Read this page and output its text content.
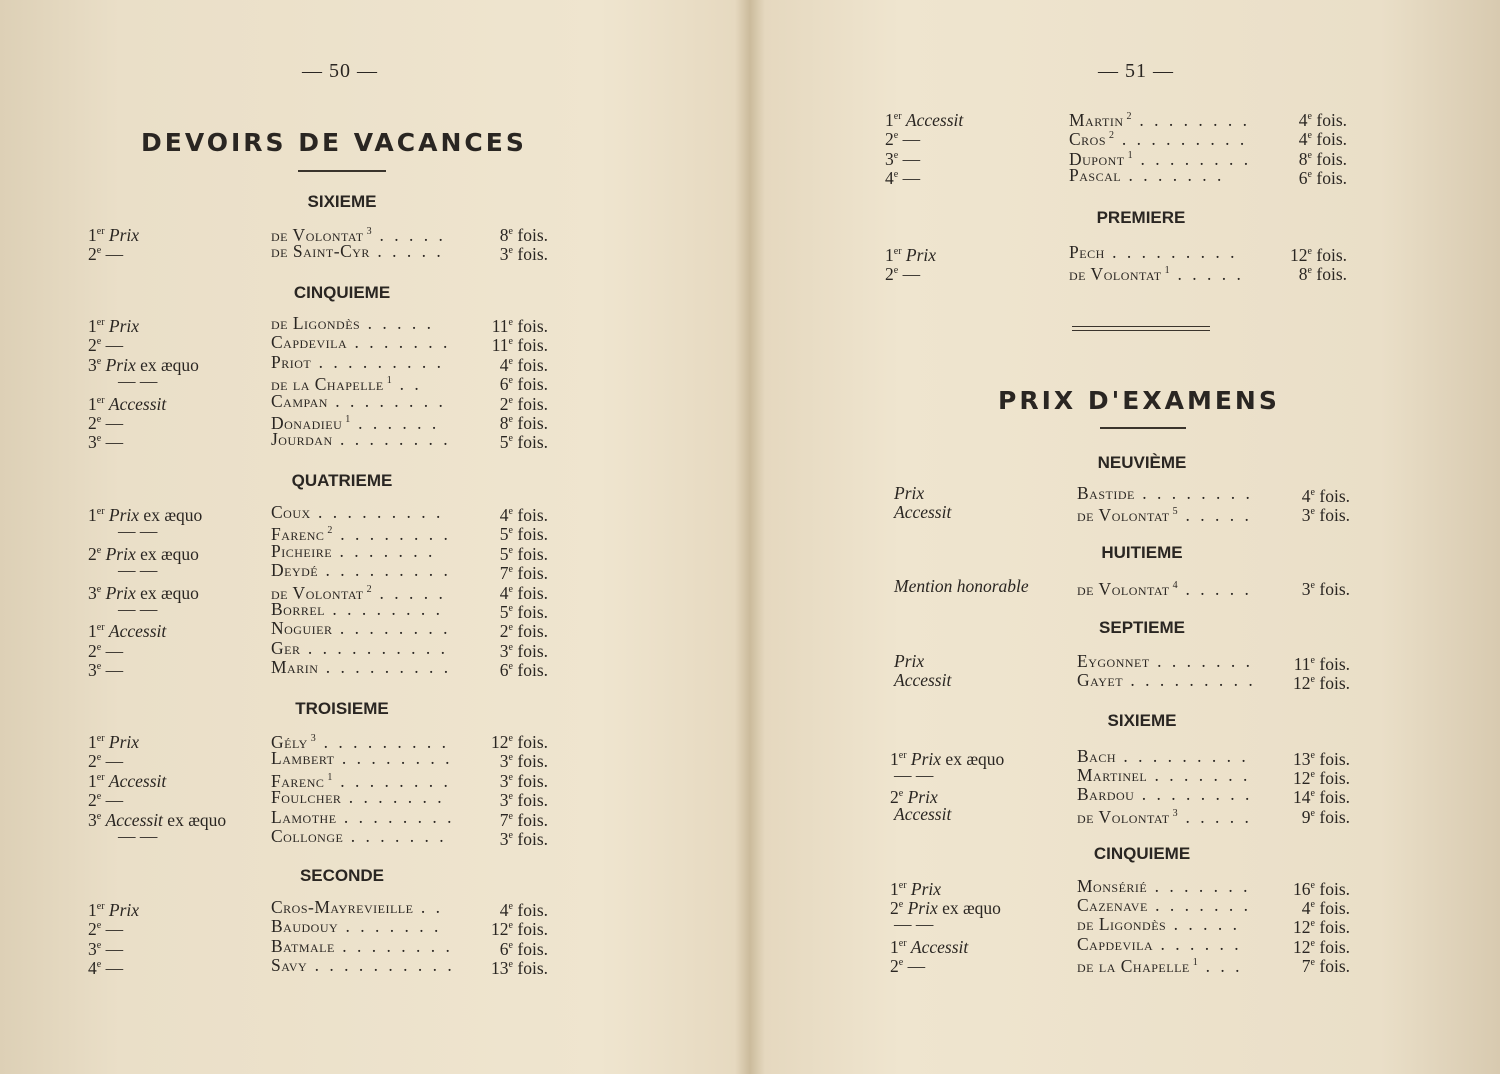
— 50 —
DEVOIRS DE VACANCES
SIXIEME
1er Prix	de Volontat $^3$ . . . . .	8e fois.
2e —	de Saint-Cyr . . . . .	3e fois.
CINQUIEME
1er Prix	de Ligondès . . . . .	11e fois.
2e —	Capdevila . . . . . . . 11e fois.
3e Prix ex æquo	Priot . . . . . . . . .	4e fois.
— —	de la Chapelle $^1$ . .	6e fois.
1er Accessit	Campan . . . . . . . .	2e fois.
2e —	Donadieu $^1$ . . . . . .	8e fois.
3e —	Jourdan . . . . . . . .	5e fois.
QUATRIEME
1er Prix ex æquo	Coux . . . . . . . . .	4e fois.
— —	Farenc $^2$ . . . . . . . .	5e fois.
2e Prix ex æquo	Picheire . . . . . . .	5e fois.
— —	Deydé . . . . . . . . .	7e fois.
3e Prix ex æquo	de Volontat $^2$ . . . . .	4e fois.
— —	Borrel . . . . . . . .	5e fois.
1er Accessit	Noguier . . . . . . . .	2e fois.
2e —	Ger . . . . . . . . . .	3e fois.
3e —	Marin . . . . . . . . .	6e fois.
TROISIEME
1er Prix	Gély $^3$ . . . . . . . . . 12e fois.
2e —	Lambert . . . . . . . .	3e fois.
1er Accessit	Farenc $^1$ . . . . . . . .	3e fois.
2e —	Foulcher . . . . . . .	3e fois.
3e Accessit ex æquo	Lamothe . . . . . . . .	7e fois.
— —	Collonge . . . . . . .	3e fois.
SECONDE
1er Prix	Cros-Mayrevieille . .	4e fois.
2e —	Baudouy . . . . . . .	12e fois.
3e —	Batmale . . . . . . . .	6e fois.
4e —	Savy . . . . . . . . . . 13e fois.
— 51 —
1er Accessit	Martin $^2$ . . . . . . . .	4e fois.
2e —	Cros $^2$ . . . . . . . . .	4e fois.
3e —	Dupont $^1$ . . . . . . . .	8e fois.
4e —	Pascal . . . . . . .	6e fois.
PREMIERE
1er Prix	Pech . . . . . . . . .	12e fois.
2e —	de Volontat $^1$ . . . . .	8e fois.
PRIX D'EXAMENS
NEUVIÈME
Prix	Bastide . . . . . . . .	4e fois.
Accessit	de Volontat $^5$ . . . . .	3e fois.
HUITIEME
Mention honorable	de Volontat $^4$ . . . . .	3e fois.
SEPTIEME
Prix	Eygonnet . . . . . . . 11e fois.
Accessit	Gayet . . . . . . . . . 12e fois.
SIXIEME
1er Prix ex æquo	Bach . . . . . . . . .	13e fois.
— —	Martinel . . . . . . . 12e fois.
2e Prix	Bardou . . . . . . . . 14e fois.
Accessit	de Volontat $^3$ . . . . .	9e fois.
CINQUIEME
1er Prix	Monsérié . . . . . . . 16e fois.
2e Prix ex æquo	Cazenave . . . . . . .	4e fois.
— —	de Ligondès . . . . .	12e fois.
1er Accessit	Capdevila . . . . . .	12e fois.
2e —	de la Chapelle $^1$ . . .	7e fois.
